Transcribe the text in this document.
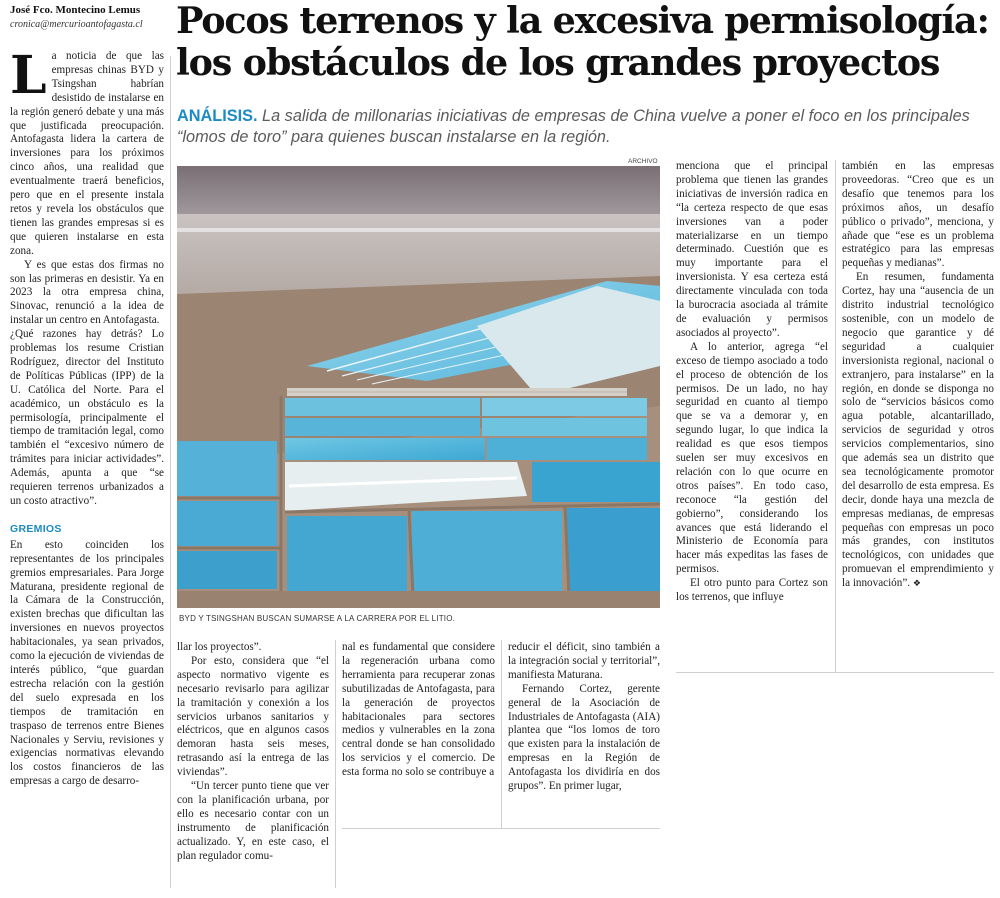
José Fco. Montecino Lemus
cronica@mercurioantofagasta.cl Pocos terrenos y la excesiva permisología: los obstáculos de los grandes proyectos
ANÁLISIS. La salida de millonarias iniciativas de empresas de China vuelve a poner el foco en los principales “lomos de toro” para quienes buscan instalarse en la región.

La noticia de que las empresas chinas BYD y Tsingshan habrían desistido de instalarse en la región generó debate y una más que justificada preocupación. Antofagasta lidera la cartera de inversiones para los próximos cinco años, una realidad que eventualmente traerá beneficios, pero que en el presente instala retos y revela los obstáculos que tienen las grandes empresas si es que quieren instalarse en esta zona.

Y es que estas dos firmas no son las primeras en desistir. Ya en 2023 la otra empresa china, Sinovac, renunció a la idea de instalar un centro en Antofagasta.

¿Qué razones hay detrás? Lo problemas los resume Cristian Rodríguez, director del Instituto de Políticas Públicas (IPP) de la U. Católica del Norte. Para el académico, un obstáculo es la permisología, principalmente el tiempo de tramitación legal, como también el “excesivo número de trámites para iniciar actividades”. Además, apunta a que “se requieren terrenos urbanizados a un costo atractivo”.

GREMIOS

En esto coinciden los representantes de los principales gremios empresariales. Para Jorge Maturana, presidente regional de la Cámara de la Construcción, existen brechas que dificultan las inversiones en nuevos proyectos habitacionales, ya sean privados, como la ejecución de viviendas de interés público, “que guardan estrecha relación con la gestión del suelo expresada en los tiempos de tramitación en traspaso de terrenos entre Bienes Nacionales y Serviu, revisiones y exigencias normativas elevando los costos financieros de las empresas a cargo de desarro-

ARCHIVO
BYD Y TSINGSHAN BUSCAN SUMARSE A LA CARRERA POR EL LITIO.

llar los proyectos”.

Por esto, considera que “el aspecto normativo vigente es necesario revisarlo para agilizar la tramitación y conexión a los servicios urbanos sanitarios y eléctricos, que en algunos casos demoran hasta seis meses, retrasando así la entrega de las viviendas”.

“Un tercer punto tiene que ver con la planificación urbana, por ello es necesario contar con un instrumento de planificación actualizado. Y, en este caso, el plan regulador comu-

nal es fundamental que considere la regeneración urbana como herramienta para recuperar zonas subutilizadas de Antofagasta, para la generación de proyectos habitacionales para sectores medios y vulnerables en la zona central donde se han consolidado los servicios y el comercio. De esta forma no solo se contribuye a

reducir el déficit, sino también a la integración social y territorial”, manifiesta Maturana.

Fernando Cortez, gerente general de la Asociación de Industriales de Antofagasta (AIA) plantea que “los lomos de toro que existen para la instalación de empresas en la Región de Antofagasta los dividiría en dos grupos”. En primer lugar,

menciona que el principal problema que tienen las grandes iniciativas de inversión radica en “la certeza respecto de que esas inversiones van a poder materializarse en un tiempo determinado. Cuestión que es muy importante para el inversionista. Y esa certeza está directamente vinculada con toda la burocracia asociada al trámite de evaluación y permisos asociados al proyecto”.

A lo anterior, agrega “el exceso de tiempo asociado a todo el proceso de obtención de los permisos. De un lado, no hay seguridad en cuanto al tiempo que se va a demorar y, en segundo lugar, lo que indica la realidad es que esos tiempos suelen ser muy excesivos en relación con lo que ocurre en otros países”. En todo caso, reconoce “la gestión del gobierno”, considerando los avances que está liderando el Ministerio de Economía para hacer más expeditas las fases de permisos.

El otro punto para Cortez son los terrenos, que influye

también en las empresas proveedoras. “Creo que es un desafío que tenemos para los próximos años, un desafío público o privado”, menciona, y añade que “ese es un problema estratégico para las empresas pequeñas y medianas”.

En resumen, fundamenta Cortez, hay una “ausencia de un distrito industrial tecnológico sostenible, con un modelo de negocio que garantice y dé seguridad a cualquier inversionista regional, nacional o extranjero, para instalarse” en la región, en donde se disponga no solo de “servicios básicos como agua potable, alcantarillado, servicios de seguridad y otros servicios complementarios, sino que además sea un distrito que sea tecnológicamente promotor del desarrollo de esta empresa. Es decir, donde haya una mezcla de empresas medianas, de empresas pequeñas con empresas un poco más grandes, con institutos tecnológicos, con unidades que promuevan el emprendimiento y la innovación”. ❖
